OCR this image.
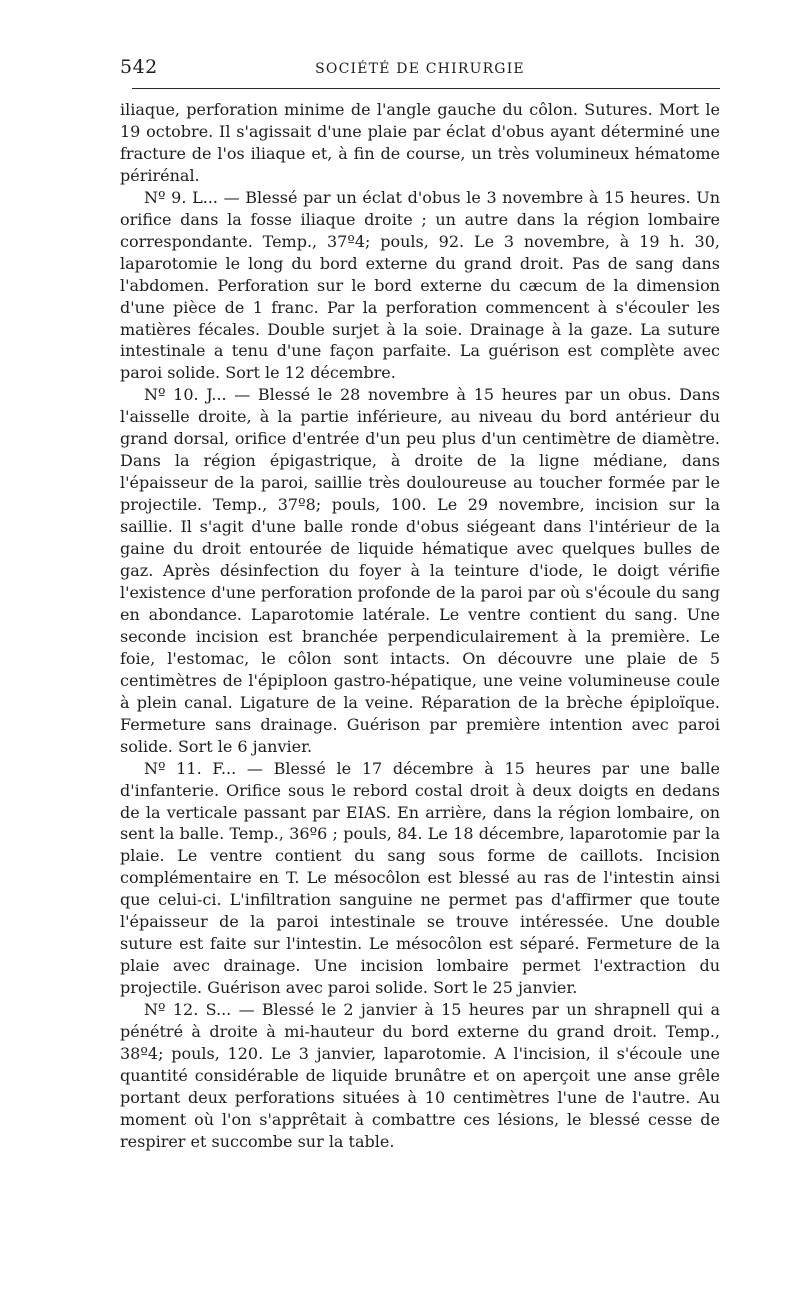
542	SOCIÉTÉ DE CHIRURGIE

iliaque, perforation minime de l'angle gauche du côlon. Sutures. Mort le 19 octobre. Il s'agissait d'une plaie par éclat d'obus ayant déterminé une fracture de l'os iliaque et, à fin de course, un très volumineux hématome périrénal.

Nº 9. L... — Blessé par un éclat d'obus le 3 novembre à 15 heures. Un orifice dans la fosse iliaque droite ; un autre dans la région lombaire correspondante. Temp., 37º4; pouls, 92. Le 3 novembre, à 19 h. 30, laparotomie le long du bord externe du grand droit. Pas de sang dans l'abdomen. Perforation sur le bord externe du cæcum de la dimension d'une pièce de 1 franc. Par la perforation commencent à s'écouler les matières fécales. Double surjet à la soie. Drainage à la gaze. La suture intestinale a tenu d'une façon parfaite. La guérison est complète avec paroi solide. Sort le 12 décembre.

Nº 10. J... — Blessé le 28 novembre à 15 heures par un obus. Dans l'aisselle droite, à la partie inférieure, au niveau du bord antérieur du grand dorsal, orifice d'entrée d'un peu plus d'un centimètre de diamètre. Dans la région épigastrique, à droite de la ligne médiane, dans l'épaisseur de la paroi, saillie très douloureuse au toucher formée par le projectile. Temp., 37º8; pouls, 100. Le 29 novembre, incision sur la saillie. Il s'agit d'une balle ronde d'obus siégeant dans l'intérieur de la gaine du droit entourée de liquide hématique avec quelques bulles de gaz. Après désinfection du foyer à la teinture d'iode, le doigt vérifie l'existence d'une perforation profonde de la paroi par où s'écoule du sang en abondance. Laparotomie latérale. Le ventre contient du sang. Une seconde incision est branchée perpendiculairement à la première. Le foie, l'estomac, le côlon sont intacts. On découvre une plaie de 5 centimètres de l'épiploon gastro-hépatique, une veine volumineuse coule à plein canal. Ligature de la veine. Réparation de la brèche épiploïque. Fermeture sans drainage. Guérison par première intention avec paroi solide. Sort le 6 janvier.

Nº 11. F... — Blessé le 17 décembre à 15 heures par une balle d'infanterie. Orifice sous le rebord costal droit à deux doigts en dedans de la verticale passant par EIAS. En arrière, dans la région lombaire, on sent la balle. Temp., 36º6 ; pouls, 84. Le 18 décembre, laparotomie par la plaie. Le ventre contient du sang sous forme de caillots. Incision complémentaire en T. Le mésocôlon est blessé au ras de l'intestin ainsi que celui-ci. L'infiltration sanguine ne permet pas d'affirmer que toute l'épaisseur de la paroi intestinale se trouve intéressée. Une double suture est faite sur l'intestin. Le mésocôlon est séparé. Fermeture de la plaie avec drainage. Une incision lombaire permet l'extraction du projectile. Guérison avec paroi solide. Sort le 25 janvier.

Nº 12. S... — Blessé le 2 janvier à 15 heures par un shrapnell qui a pénétré à droite à mi-hauteur du bord externe du grand droit. Temp., 38º4; pouls, 120. Le 3 janvier, laparotomie. A l'incision, il s'écoule une quantité considérable de liquide brunâtre et on aperçoit une anse grêle portant deux perforations situées à 10 centimètres l'une de l'autre. Au moment où l'on s'apprêtait à combattre ces lésions, le blessé cesse de respirer et succombe sur la table.
